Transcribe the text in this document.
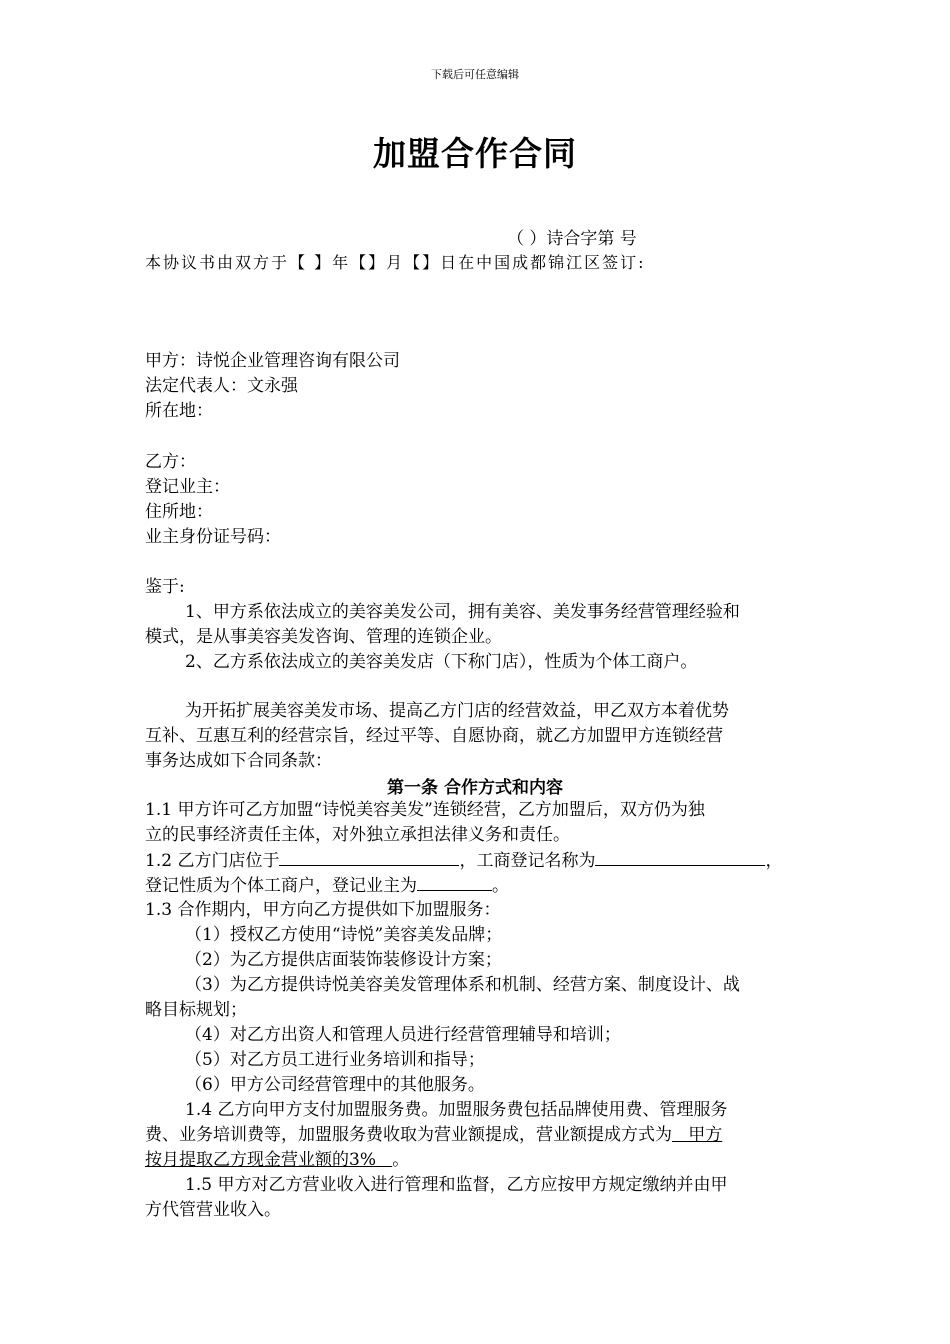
下载后可任意编辑
加盟合作合同
（ ）诗合字第 号
本协议书由双方于【 】年【】月【】日在中国成都锦江区签订:
甲方：诗悦企业管理咨询有限公司
法定代表人：文永强
所在地：
乙方：
登记业主：
住所地：
业主身份证号码：
鉴于:
1、甲方系依法成立的美容美发公司，拥有美容、美发事务经营管理经验和
模式，是从事美容美发咨询、管理的连锁企业。
2、乙方系依法成立的美容美发店（下称门店），性质为个体工商户。
为开拓扩展美容美发市场、提高乙方门店的经营效益，甲乙双方本着优势
互补、互惠互利的经营宗旨，经过平等、自愿协商，就乙方加盟甲方连锁经营
事务达成如下合同条款：
第一条 合作方式和内容
1.1 甲方许可乙方加盟“诗悦美容美发”连锁经营，乙方加盟后，双方仍为独
立的民事经济责任主体，对外独立承担法律义务和责任。
1.2 乙方门店位于	，工商登记名称为	，
登记性质为个体工商户，登记业主为	。
1.3 合作期内，甲方向乙方提供如下加盟服务：
（1）授权乙方使用“诗悦”美容美发品牌；
（2）为乙方提供店面装饰装修设计方案；
（3）为乙方提供诗悦美容美发管理体系和机制、经营方案、制度设计、战
略目标规划；
（4）对乙方出资人和管理人员进行经营管理辅导和培训；
（5）对乙方员工进行业务培训和指导；
（6）甲方公司经营管理中的其他服务。
1.4 乙方向甲方支付加盟服务费。加盟服务费包括品牌使用费、管理服务
费、业务培训费等，加盟服务费收取为营业额提成，营业额提成方式为   甲方
按月提取乙方现金营业额的3%   。
1.5 甲方对乙方营业收入进行管理和监督，乙方应按甲方规定缴纳并由甲
方代管营业收入。
